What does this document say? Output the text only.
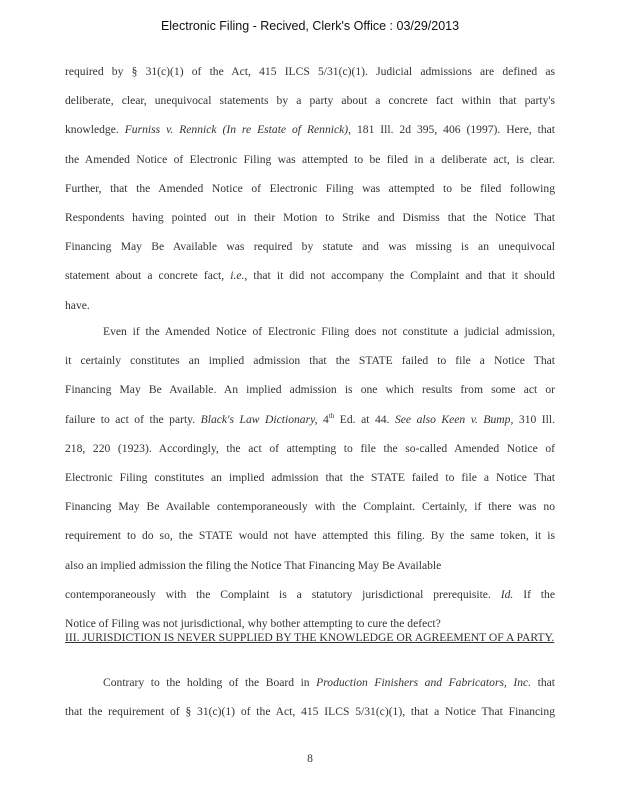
Electronic Filing - Recived, Clerk's Office : 03/29/2013
required by § 31(c)(1) of the Act, 415 ILCS 5/31(c)(1). Judicial admissions are defined as
deliberate, clear, unequivocal statements by a party about a concrete fact within that party's
knowledge. Furniss v. Rennick (In re Estate of Rennick), 181 Ill. 2d 395, 406 (1997). Here, that
the Amended Notice of Electronic Filing was attempted to be filed in a deliberate act, is clear.
Further, that the Amended Notice of Electronic Filing was attempted to be filed following
Respondents having pointed out in their Motion to Strike and Dismiss that the Notice That
Financing May Be Available was required by statute and was missing is an unequivocal
statement about a concrete fact, i.e., that it did not accompany the Complaint and that it should
have.
Even if the Amended Notice of Electronic Filing does not constitute a judicial admission,
it certainly constitutes an implied admission that the STATE failed to file a Notice That
Financing May Be Available. An implied admission is one which results from some act or
failure to act of the party. Black's Law Dictionary, 4th Ed. at 44. See also Keen v. Bump, 310 Ill.
218, 220 (1923). Accordingly, the act of attempting to file the so-called Amended Notice of
Electronic Filing constitutes an implied admission that the STATE failed to file a Notice That
Financing May Be Available contemporaneously with the Complaint. Certainly, if there was no
requirement to do so, the STATE would not have attempted this filing. By the same token, it is
also an implied admission the filing the Notice That Financing May Be Available
contemporaneously with the Complaint is a statutory jurisdictional prerequisite. Id. If the
Notice of Filing was not jurisdictional, why bother attempting to cure the defect?
III. JURISDICTION IS NEVER SUPPLIED BY THE KNOWLEDGE OR AGREEMENT OF A PARTY.
Contrary to the holding of the Board in Production Finishers and Fabricators, Inc. that
that the requirement of § 31(c)(1) of the Act, 415 ILCS 5/31(c)(1), that a Notice That Financing
8
